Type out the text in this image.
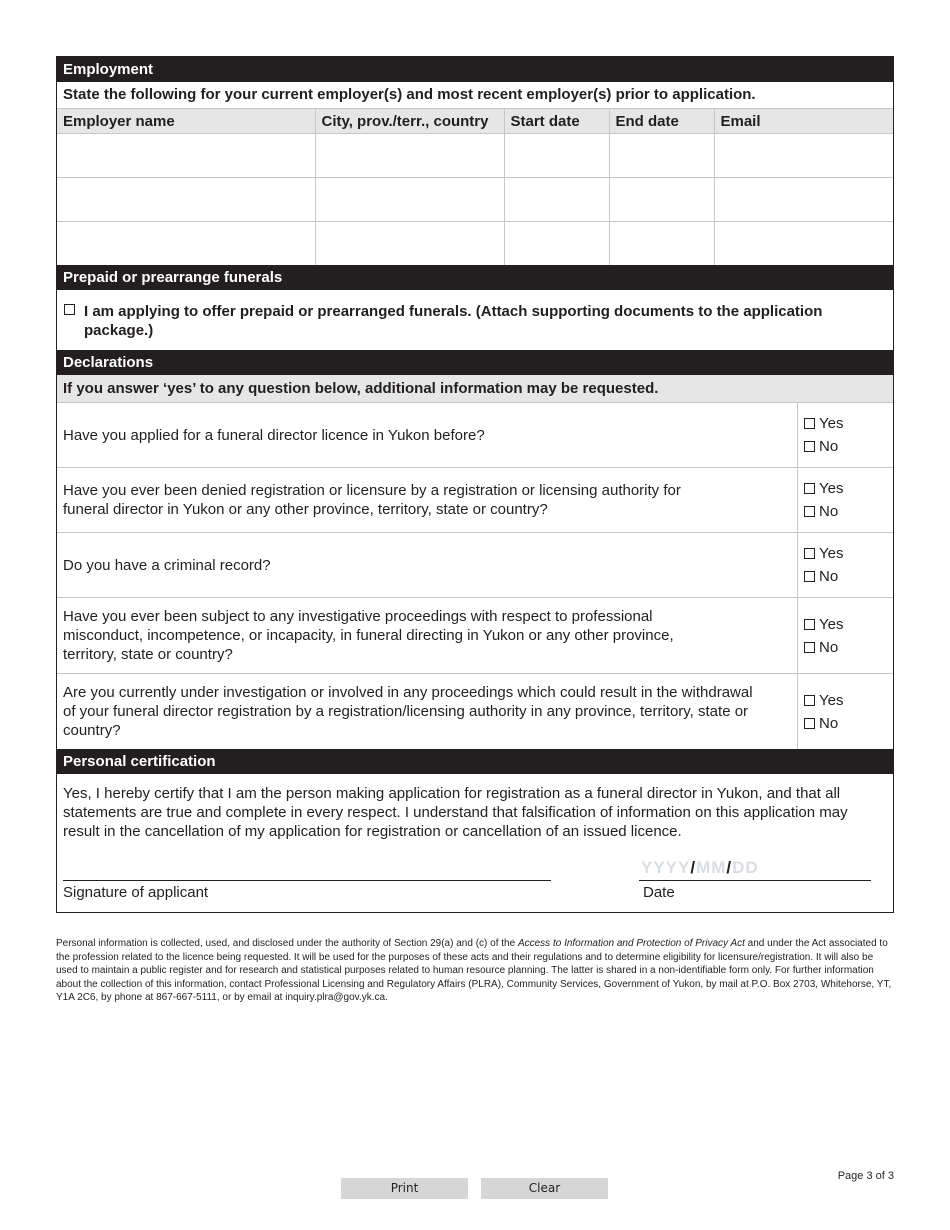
Employment
State the following for your current employer(s) and most recent employer(s) prior to application.
Employer name	City, prov./terr., country	Start date	End date	Email

Prepaid or prearrange funerals
I am applying to offer prepaid or prearranged funerals. (Attach supporting documents to the application package.)
Declarations
If you answer ‘yes’ to any question below, additional information may be requested.
Have you applied for a funeral director licence in Yukon before?
Yes
No
Have you ever been denied registration or licensure by a registration or licensing authority for funeral director in Yukon or any other province, territory, state or country?
Yes
No
Do you have a criminal record?
Yes
No
Have you ever been subject to any investigative proceedings with respect to professional misconduct, incompetence, or incapacity, in funeral directing in Yukon or any other province, territory, state or country?
Yes
No
Are you currently under investigation or involved in any proceedings which could result in the withdrawal of your funeral director registration by a registration/licensing authority in any province, territory, state or country?
Yes
No
Personal certification
Yes, I hereby certify that I am the person making application for registration as a funeral director in Yukon, and that all statements are true and complete in every respect. I understand that falsification of information on this application may result in the cancellation of my application for registration or cancellation of an issued licence.
Signature of applicant
YYYY/MM/DD
Date
Personal information is collected, used, and disclosed under the authority of Section 29(a) and (c) of the Access to Information and Protection of Privacy Act and under the Act associated to the profession related to the licence being requested. It will be used for the purposes of these acts and their regulations and to determine eligibility for licensure/registration. It will also be used to maintain a public register and for research and statistical purposes related to human resource planning. The latter is shared in a non-identifiable form only. For further information about the collection of this information, contact Professional Licensing and Regulatory Affairs (PLRA), Community Services, Government of Yukon, by mail at P.O. Box 2703, Whitehorse, YT, Y1A 2C6, by phone at 867-667-5111, or by email at inquiry.plra@gov.yk.ca.
Page 3 of 3
Print	Clear
